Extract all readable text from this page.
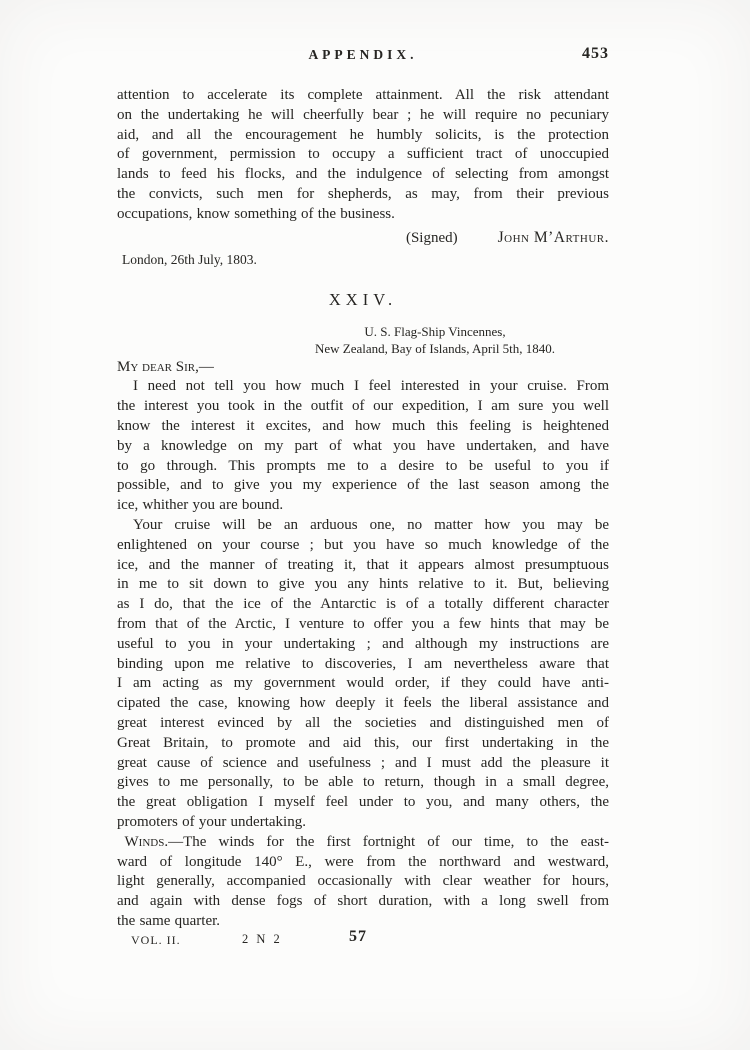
APPENDIX.	453
attention to accelerate its complete attainment. All the risk attendant
on the undertaking he will cheerfully bear ; he will require no pecuniary
aid, and all the encouragement he humbly solicits, is the protection
of government, permission to occupy a sufficient tract of unoccupied
lands to feed his flocks, and the indulgence of selecting from amongst
the convicts, such men for shepherds, as may, from their previous
occupations, know something of the business.
(Signed)	John M’Arthur.
London, 26th July, 1803.
XXIV.
U. S. Flag-Ship Vincennes,
New Zealand, Bay of Islands, April 5th, 1840.
My dear Sir,—
I need not tell you how much I feel interested in your cruise. From
the interest you took in the outfit of our expedition, I am sure you well
know the interest it excites, and how much this feeling is heightened
by a knowledge on my part of what you have undertaken, and have
to go through. This prompts me to a desire to be useful to you if
possible, and to give you my experience of the last season among the
ice, whither you are bound.
Your cruise will be an arduous one, no matter how you may be
enlightened on your course ; but you have so much knowledge of the
ice, and the manner of treating it, that it appears almost presumptuous
in me to sit down to give you any hints relative to it. But, believing
as I do, that the ice of the Antarctic is of a totally different character
from that of the Arctic, I venture to offer you a few hints that may be
useful to you in your undertaking ; and although my instructions are
binding upon me relative to discoveries, I am nevertheless aware that
I am acting as my government would order, if they could have anti-
cipated the case, knowing how deeply it feels the liberal assistance and
great interest evinced by all the societies and distinguished men of
Great Britain, to promote and aid this, our first undertaking in the
great cause of science and usefulness ; and I must add the pleasure it
gives to me personally, to be able to return, though in a small degree,
the great obligation I myself feel under to you, and many others, the
promoters of your undertaking.
 Winds.—The winds for the first fortnight of our time, to the east-
ward of longitude 140° E., were from the northward and westward,
light generally, accompanied occasionally with clear weather for hours,
and again with dense fogs of short duration, with a long swell from
the same quarter.
VOL. II.	2 N 2	57
